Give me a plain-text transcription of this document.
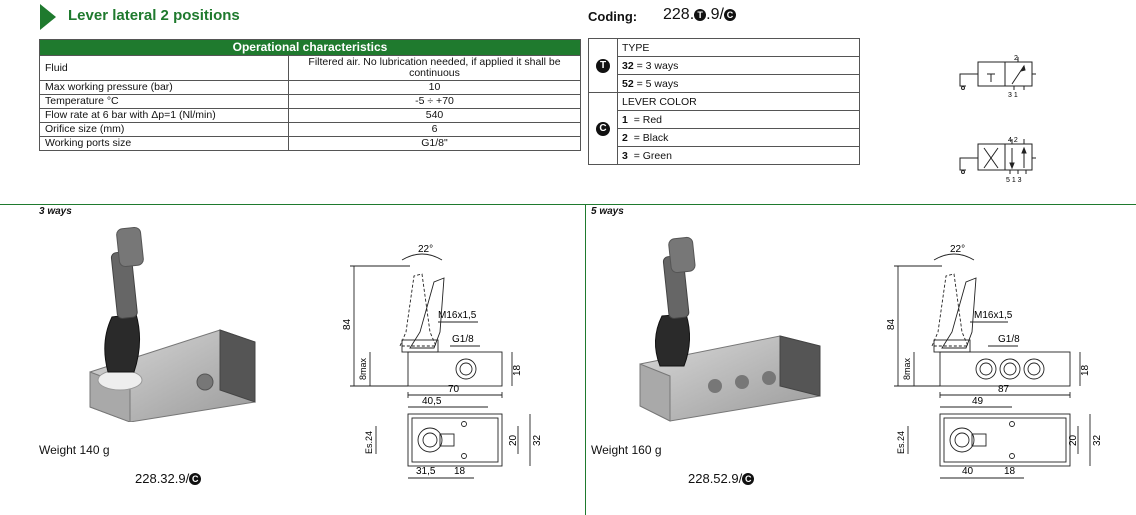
Lever lateral 2 positions	Coding: 228. T .9/ C
Operational characteristics	
Fluid	Filtered air. No lubrication needed, if applied it shall be continuous
Max working pressure (bar)	10
Temperature °C	-5 ÷ +70
Flow rate at 6 bar with Δp=1 (Nl/min)	540
Orifice size (mm)	6
Working ports size	G1/8"
T	TYPE
	32 = 3 ways
	52 = 5 ways
C	LEVER COLOR
	1 = Red
	2 = Black
	3 = Green
2
3 1
4 2
5 1 3
3 ways
Weight 140 g
228.32.9/ C
22°
84
M16x1,5
G1/8
8max	18
70
40,5
Es.24	20 32
31,5 18
5 ways
Weight 160 g
228.52.9/ C
22°
84
M16x1,5
G1/8
8max	18
87
49
Es.24	20 32
40	18
